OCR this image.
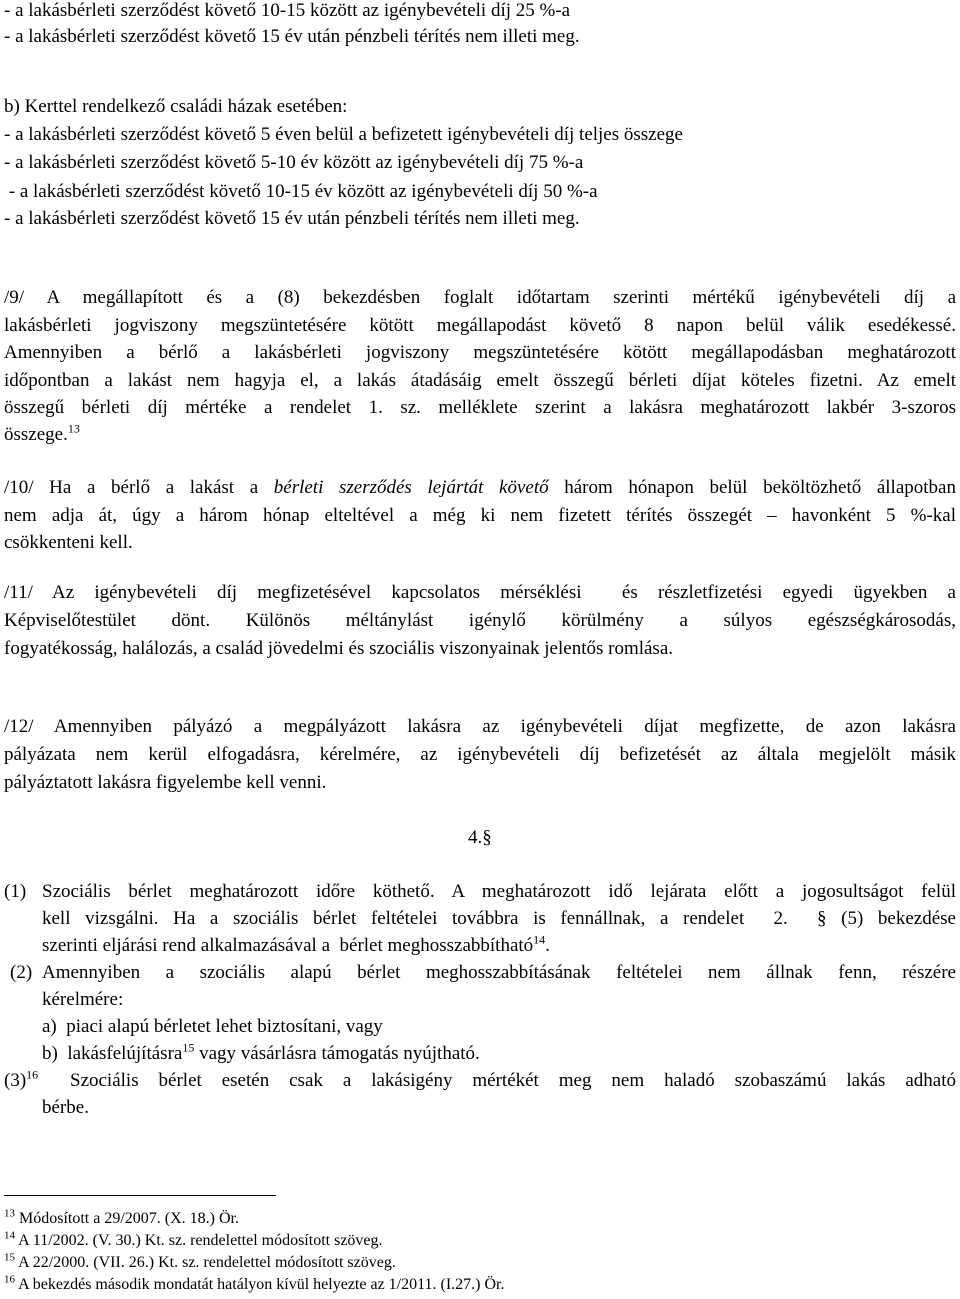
- a lakásbérleti szerződést követő 10-15 között az igénybevételi díj 25 %-a
- a lakásbérleti szerződést követő 15 év után pénzbeli térítés nem illeti meg.
b) Kerttel rendelkező családi házak esetében:
- a lakásbérleti szerződést követő 5 éven belül a befizetett igénybevételi díj teljes összege
- a lakásbérleti szerződést követő 5-10 év között az igénybevételi díj 75 %-a
- a lakásbérleti szerződést követő 10-15 év között az igénybevételi díj 50 %-a
- a lakásbérleti szerződést követő 15 év után pénzbeli térítés nem illeti meg.
/9/ A megállapított és a (8) bekezdésben foglalt időtartam szerinti mértékű igénybevételi díj a
lakásbérleti jogviszony megszüntetésére kötött megállapodást követő 8 napon belül válik esedékessé.
Amennyiben a bérlő a lakásbérleti jogviszony megszüntetésére kötött megállapodásban meghatározott
időpontban a lakást nem hagyja el, a lakás átadásáig emelt összegű bérleti díjat köteles fizetni. Az emelt
összegű bérleti díj mértéke a rendelet 1. sz. melléklete szerint a lakásra meghatározott lakbér 3-szoros
összege.$^{13}$
/10/ Ha a bérlő a lakást a bérleti szerződés lejártát követő három hónapon belül beköltözhető állapotban
nem adja át, úgy a három hónap elteltével a még ki nem fizetett térítés összegét – havonként 5 %-kal
csökkenteni kell.
/11/ Az igénybevételi díj megfizetésével kapcsolatos mérséklési  és részletfizetési egyedi ügyekben a
Képviselőtestület dönt. Különös méltánylást igénylő körülmény a súlyos egészségkárosodás,
fogyatékosság, halálozás, a család jövedelmi és szociális viszonyainak jelentős romlása.
/12/ Amennyiben pályázó a megpályázott lakásra az igénybevételi díjat megfizette, de azon lakásra
pályázata nem kerül elfogadásra, kérelmére, az igénybevételi díj befizetését az általa megjelölt másik
pályáztatott lakásra figyelembe kell venni.
4.§
(1) Szociális bérlet meghatározott időre köthető. A meghatározott idő lejárata előtt a jogosultságot felül
kell vizsgálni. Ha a szociális bérlet feltételei továbbra is fennállnak, a rendelet  2.  § (5) bekezdése
szerinti eljárási rend alkalmazásával a  bérlet meghosszabbítható$^{14}$.
(2) Amennyiben a szociális alapú bérlet meghosszabbításának feltételei nem állnak fenn, részére
kérelmére:
a)  piaci alapú bérletet lehet biztosítani, vagy
b)  lakásfelújításra$^{15}$ vagy vásárlásra támogatás nyújtható.
$(3)^{16}$ Szociális bérlet esetén csak a lakásigény mértékét meg nem haladó szobaszámú lakás adható
bérbe.
$^{13}$ Módosított a 29/2007. (X. 18.) Ör.
$^{14}$ A 11/2002. (V. 30.) Kt. sz. rendelettel módosított szöveg.
$^{15}$ A 22/2000. (VII. 26.) Kt. sz. rendelettel módosított szöveg.
$^{16}$ A bekezdés második mondatát hatályon kívül helyezte az 1/2011. (I.27.) Ör.
